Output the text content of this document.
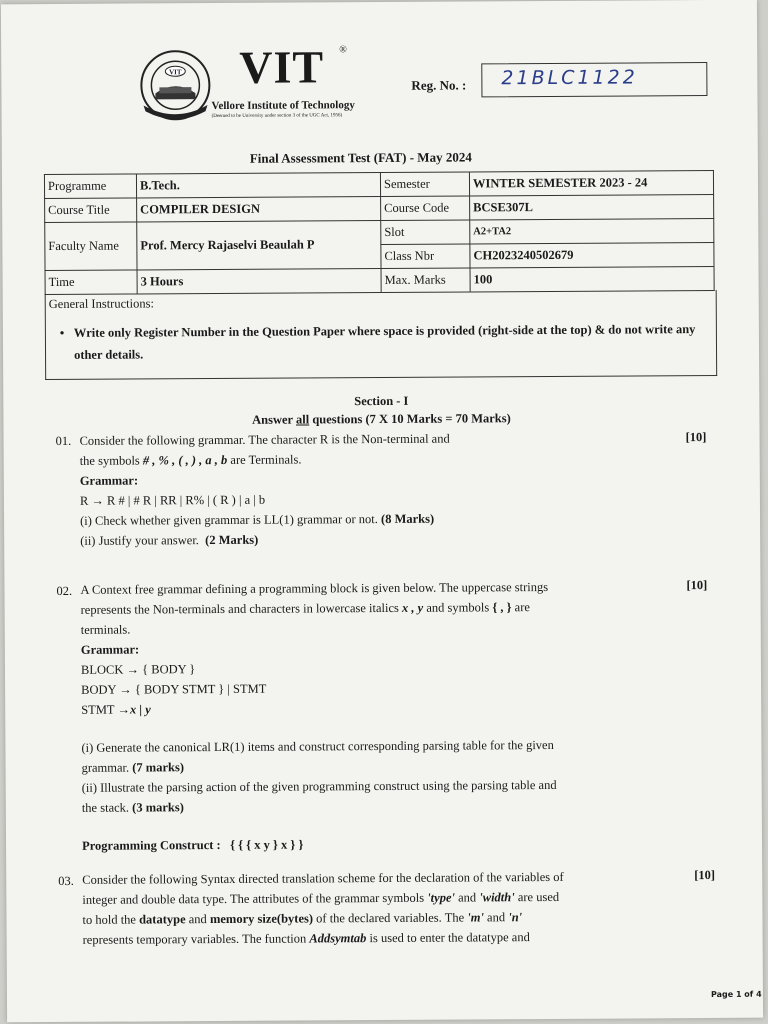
VIT VIT ®
Vellore Institute of Technology
(Deemed to be University under section 3 of the UGC Act, 1956)
Reg. No. : 21BLC1122
Final Assessment Test (FAT) - May 2024
Programme	B.Tech.	Semester	WINTER SEMESTER 2023 - 24
Course Title	COMPILER DESIGN	Course Code	BCSE307L
Faculty Name	Prof. Mercy Rajaselvi Beaulah P	Slot	A2+TA2
		Class Nbr	CH2023240502679
Time	3 Hours	Max. Marks	100
General Instructions:
• Write only Register Number in the Question Paper where space is provided (right-side at the top) & do not write any other details.
Section - I
Answer all questions (7 X 10 Marks = 70 Marks)
01.	[10]
Consider the following grammar. The character R is the Non-terminal and
the symbols # , % , ( , ) , a , b are Terminals.
Grammar:
R → R # | # R | RR | R% | ( R ) | a | b
(i) Check whether given grammar is LL(1) grammar or not. (8 Marks)
(ii) Justify your answer. (2 Marks)
02.	[10]
A Context free grammar defining a programming block is given below. The uppercase strings
represents the Non-terminals and characters in lowercase italics x , y and symbols { , } are
terminals.
Grammar:
BLOCK → { BODY }
BODY → { BODY STMT } | STMT
STMT →x | y
(i) Generate the canonical LR(1) items and construct corresponding parsing table for the given
grammar. (7 marks)
(ii) Illustrate the parsing action of the given programming construct using the parsing table and
the stack. (3 marks)
Programming Construct : { { { x y } x } }
03.	[10]
Consider the following Syntax directed translation scheme for the declaration of the variables of
integer and double data type. The attributes of the grammar symbols 'type' and 'width' are used
to hold the datatype and memory size(bytes) of the declared variables. The 'm' and 'n'
represents temporary variables. The function Addsymtab is used to enter the datatype and
Page 1 of 4
